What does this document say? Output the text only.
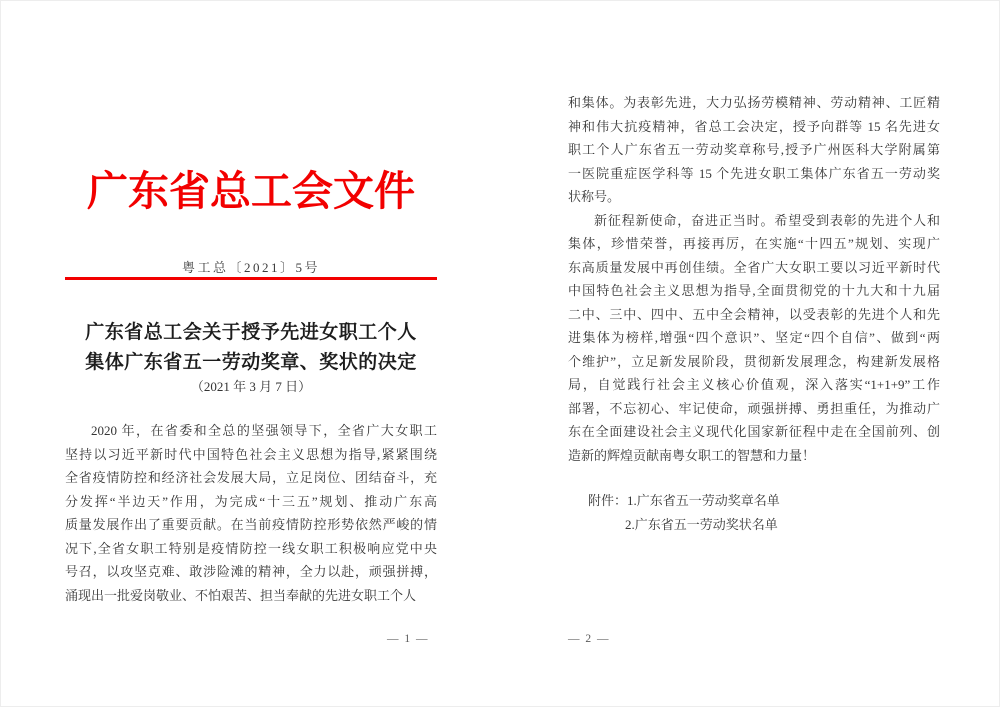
广东省总工会文件
粤工总〔2021〕5号
广东省总工会关于授予先进女职工个人
集体广东省五一劳动奖章、奖状的决定
（2021 年 3 月 7 日）
2020 年，在省委和全总的坚强领导下，全省广大女职工
坚持以习近平新时代中国特色社会主义思想为指导,紧紧围绕
全省疫情防控和经济社会发展大局，立足岗位、团结奋斗，充
分发挥“半边天”作用，为完成“十三五”规划、推动广东高
质量发展作出了重要贡献。在当前疫情防控形势依然严峻的情
况下,全省女职工特别是疫情防控一线女职工积极响应党中央
号召，以攻坚克难、敢涉险滩的精神，全力以赴，顽强拼搏，
涌现出一批爱岗敬业、不怕艰苦、担当奉献的先进女职工个人
— 1 —
和集体。为表彰先进，大力弘扬劳模精神、劳动精神、工匠精
神和伟大抗疫精神，省总工会决定，授予向群等 15 名先进女
职工个人广东省五一劳动奖章称号,授予广州医科大学附属第
一医院重症医学科等 15 个先进女职工集体广东省五一劳动奖
状称号。
新征程新使命，奋进正当时。希望受到表彰的先进个人和
集体，珍惜荣誉，再接再厉，在实施“十四五”规划、实现广
东高质量发展中再创佳绩。全省广大女职工要以习近平新时代
中国特色社会主义思想为指导,全面贯彻党的十九大和十九届
二中、三中、四中、五中全会精神，以受表彰的先进个人和先
进集体为榜样,增强“四个意识”、坚定“四个自信”、做到“两
个维护”，立足新发展阶段，贯彻新发展理念，构建新发展格
局，自觉践行社会主义核心价值观，深入落实“1+1+9”工作
部署，不忘初心、牢记使命，顽强拼搏、勇担重任，为推动广
东在全面建设社会主义现代化国家新征程中走在全国前列、创
造新的辉煌贡献南粤女职工的智慧和力量！
附件：1.广东省五一劳动奖章名单
2.广东省五一劳动奖状名单
— 2 —
